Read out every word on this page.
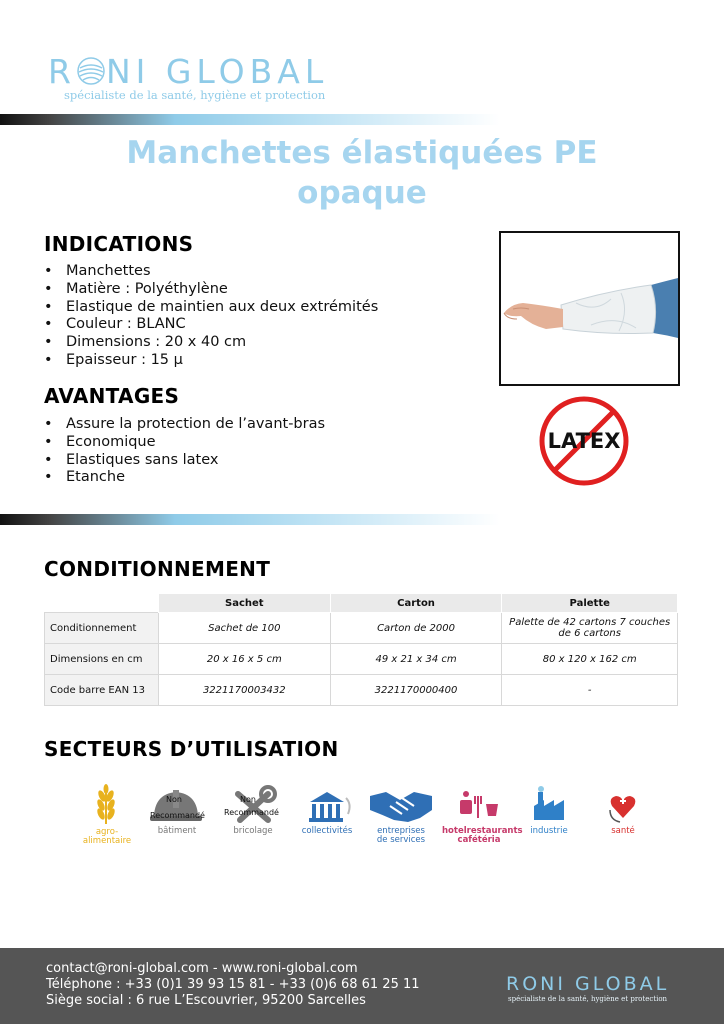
R NI GLOBAL
spécialiste de la santé, hygiène et protection
Manchettes élastiquées PE
opaque
INDICATIONS
• Manchettes
• Matière : Polyéthylène
• Elastique de maintien aux deux extrémités
• Couleur : BLANC
• Dimensions : 20 x 40 cm
• Epaisseur : 15 µ
AVANTAGES
• Assure la protection de l’avant-bras
• Economique
• Elastiques sans latex
• Etanche
LATEX
CONDITIONNEMENT
	Sachet	Carton	Palette
Conditionnement	Sachet de 100	Carton de 2000	Palette de 42 cartons 7 couches de 6 cartons
Dimensions en cm	20 x 16 x 5 cm	49 x 21 x 34 cm	80 x 120 x 162 cm
Code barre EAN 13	3221170003432	3221170000400	-
SECTEURS D’UTILISATION
agro-
alimentaire
Non
Recommandé
bâtiment
Non
Recommandé
bricolage	collectivités	entreprises
de services
hotelrestaurants
cafétéria
industrie	santé
contact@roni-global.com - www.roni-global.com
Téléphone : +33 (0)1 39 93 15 81 - +33 (0)6 68 61 25 11
Siège social : 6 rue L’Escouvrier, 95200 Sarcelles
RONI GLOBAL
spécialiste de la santé, hygiène et protection
